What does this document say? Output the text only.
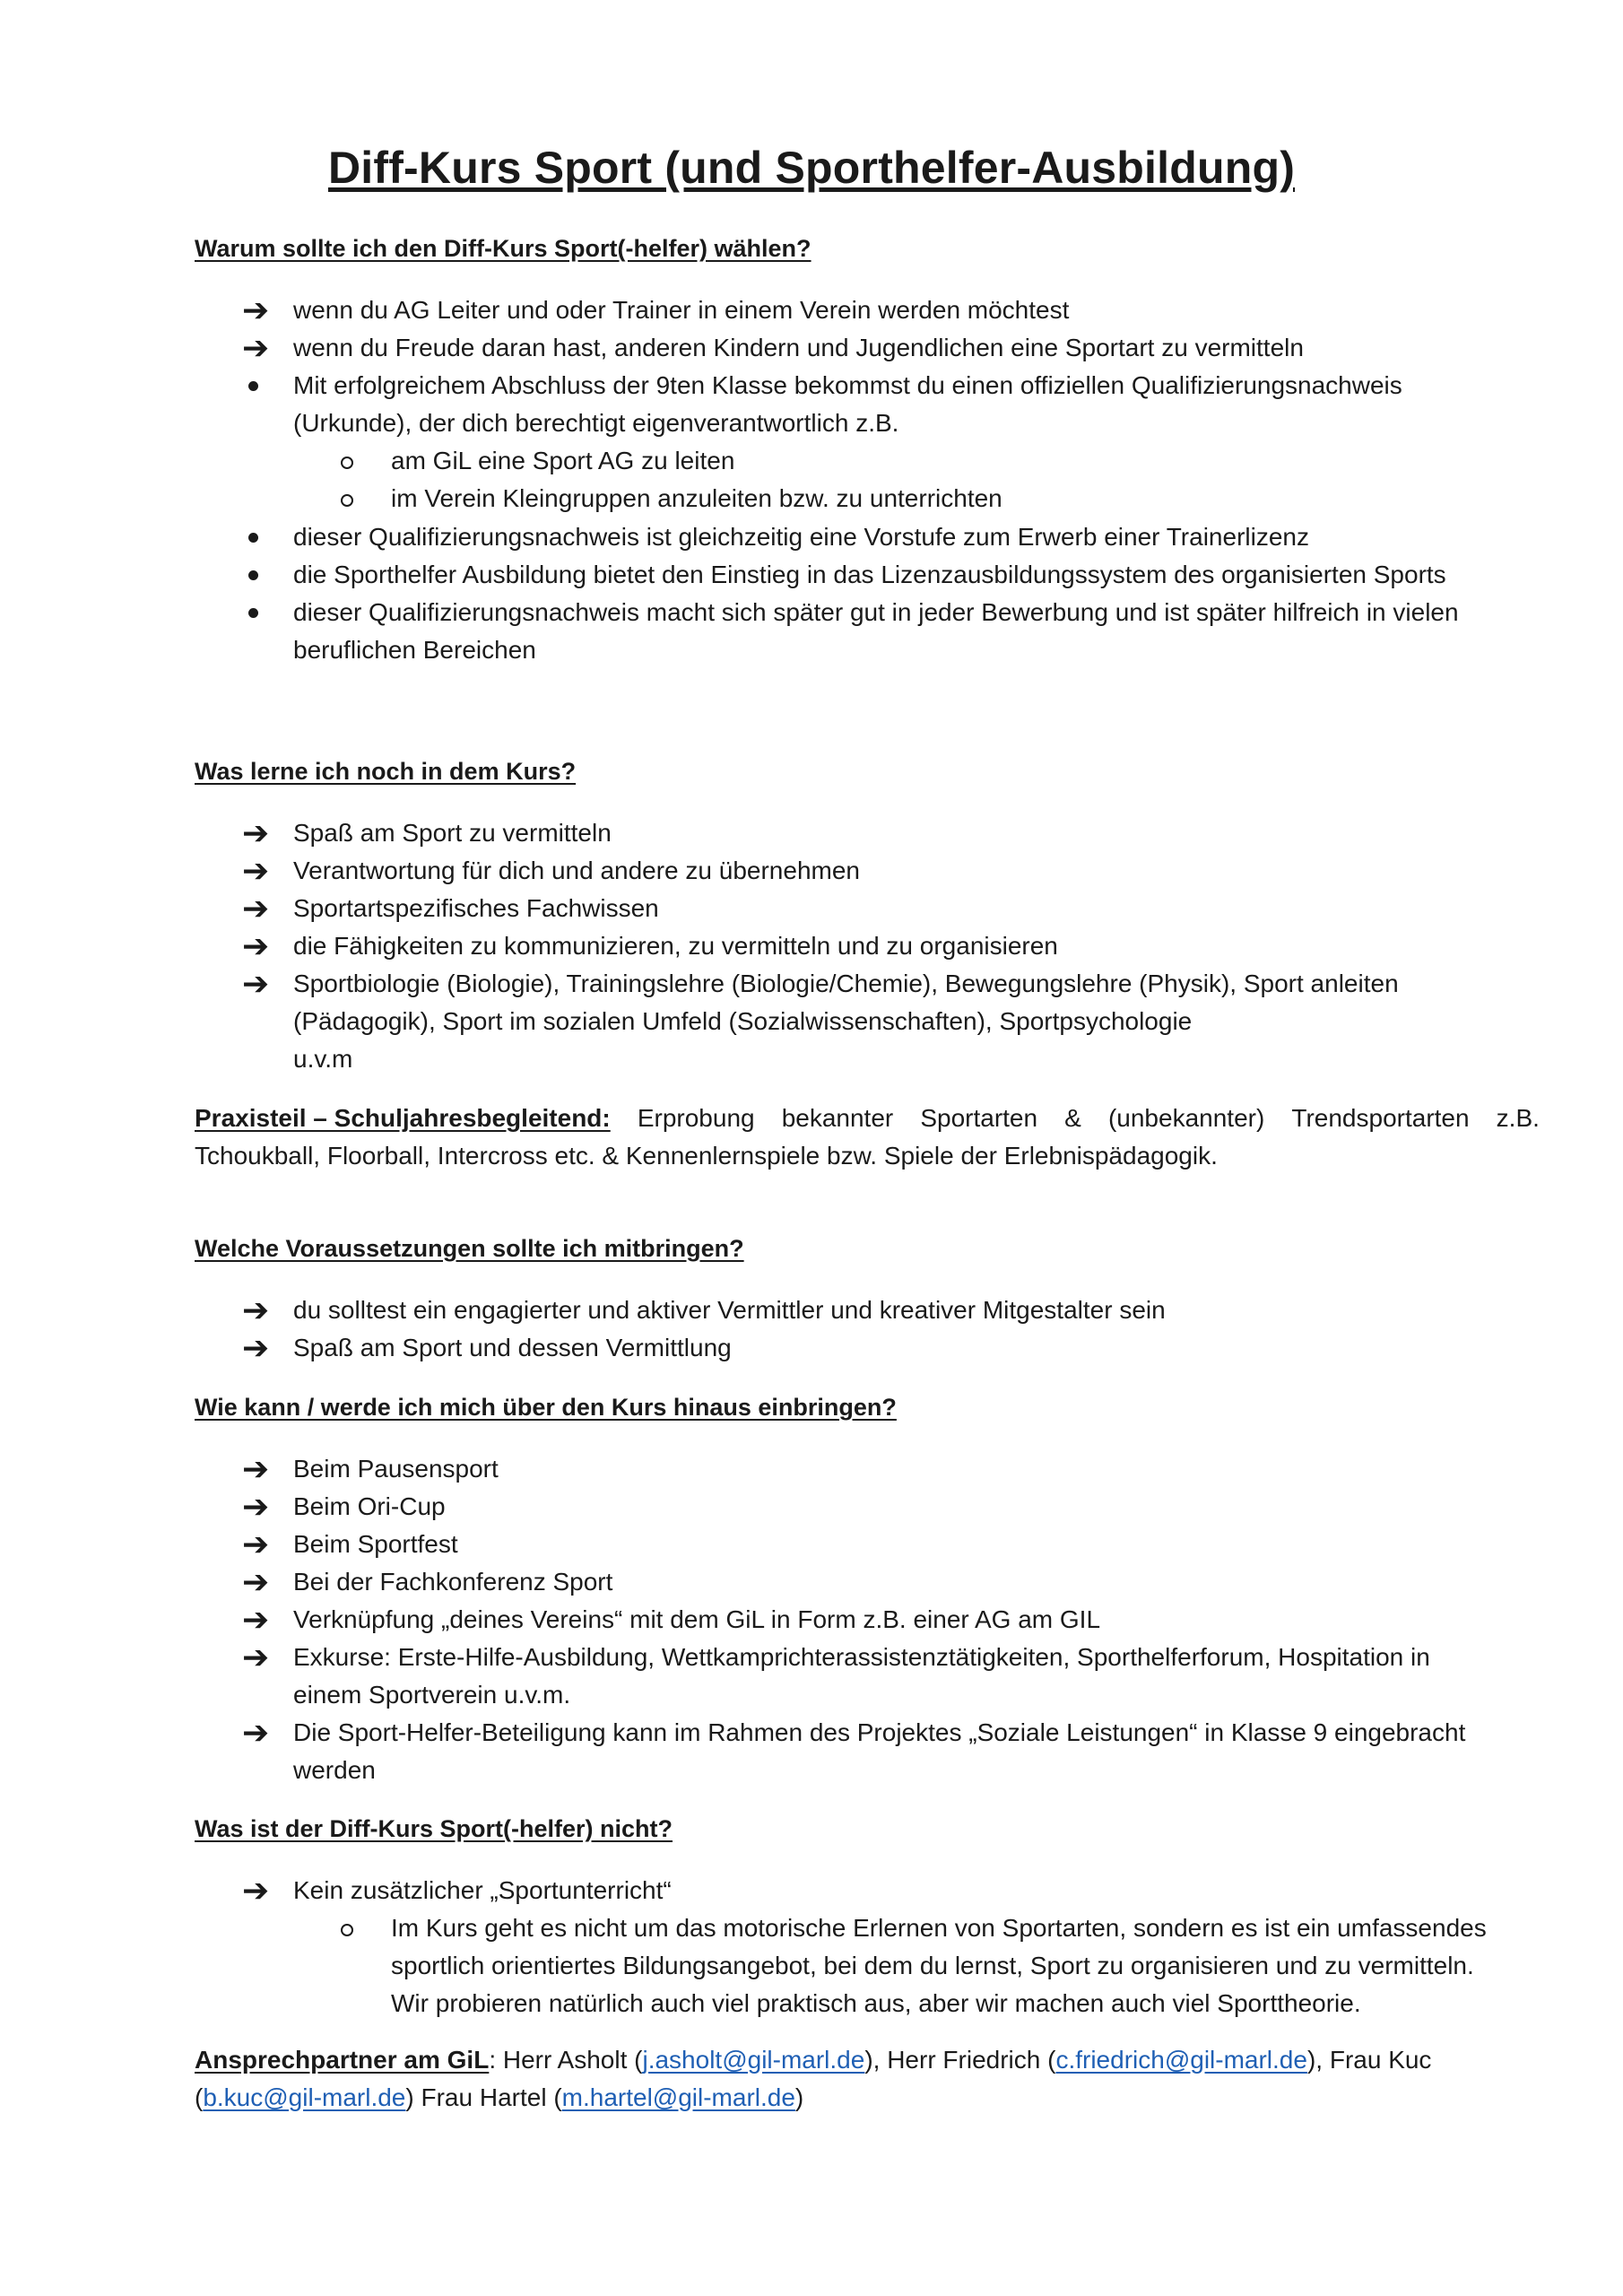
Diff-Kurs Sport (und Sporthelfer-Ausbildung)
Warum sollte ich den Diff-Kurs Sport(-helfer) wählen?
➔ wenn du AG Leiter und oder Trainer in einem Verein werden möchtest
➔ wenn du Freude daran hast, anderen Kindern und Jugendlichen eine Sportart zu vermitteln
Mit erfolgreichem Abschluss der 9ten Klasse bekommst du einen offiziellen Qualifizierungsnachweis
(Urkunde), der dich berechtigt eigenverantwortlich z.B.
am GiL eine Sport AG zu leiten
im Verein Kleingruppen anzuleiten bzw. zu unterrichten
dieser Qualifizierungsnachweis ist gleichzeitig eine Vorstufe zum Erwerb einer Trainerlizenz
die Sporthelfer Ausbildung bietet den Einstieg in das Lizenzausbildungssystem des organisierten Sports
dieser Qualifizierungsnachweis macht sich später gut in jeder Bewerbung und ist später hilfreich in vielen
beruflichen Bereichen
Was lerne ich noch in dem Kurs?
➔ Spaß am Sport zu vermitteln
➔ Verantwortung für dich und andere zu übernehmen
➔ Sportartspezifisches Fachwissen
➔ die Fähigkeiten zu kommunizieren, zu vermitteln und zu organisieren
➔ Sportbiologie (Biologie), Trainingslehre (Biologie/Chemie), Bewegungslehre (Physik), Sport anleiten
(Pädagogik), Sport im sozialen Umfeld (Sozialwissenschaften), Sportpsychologie
u.v.m
Praxisteil – Schuljahresbegleitend: Erprobung bekannter Sportarten & (unbekannter) Trendsportarten z.B.
Tchoukball, Floorball, Intercross etc. & Kennenlernspiele bzw. Spiele der Erlebnispädagogik.
Welche Voraussetzungen sollte ich mitbringen?
➔ du solltest ein engagierter und aktiver Vermittler und kreativer Mitgestalter sein
➔ Spaß am Sport und dessen Vermittlung
Wie kann / werde ich mich über den Kurs hinaus einbringen?
➔ Beim Pausensport
➔ Beim Ori-Cup
➔ Beim Sportfest
➔ Bei der Fachkonferenz Sport
➔ Verknüpfung „deines Vereins“ mit dem GiL in Form z.B. einer AG am GIL
➔ Exkurse: Erste-Hilfe-Ausbildung, Wettkamprichterassistenztätigkeiten, Sporthelferforum, Hospitation in
einem Sportverein u.v.m.
➔ Die Sport-Helfer-Beteiligung kann im Rahmen des Projektes „Soziale Leistungen“ in Klasse 9 eingebracht
werden
Was ist der Diff-Kurs Sport(-helfer) nicht?
➔ Kein zusätzlicher „Sportunterricht“
Im Kurs geht es nicht um das motorische Erlernen von Sportarten, sondern es ist ein umfassendes
sportlich orientiertes Bildungsangebot, bei dem du lernst, Sport zu organisieren und zu vermitteln.
Wir probieren natürlich auch viel praktisch aus, aber wir machen auch viel Sporttheorie.
Ansprechpartner am GiL: Herr Asholt (j.asholt@gil-marl.de), Herr Friedrich (c.friedrich@gil-marl.de), Frau Kuc
(b.kuc@gil-marl.de) Frau Hartel (m.hartel@gil-marl.de)
